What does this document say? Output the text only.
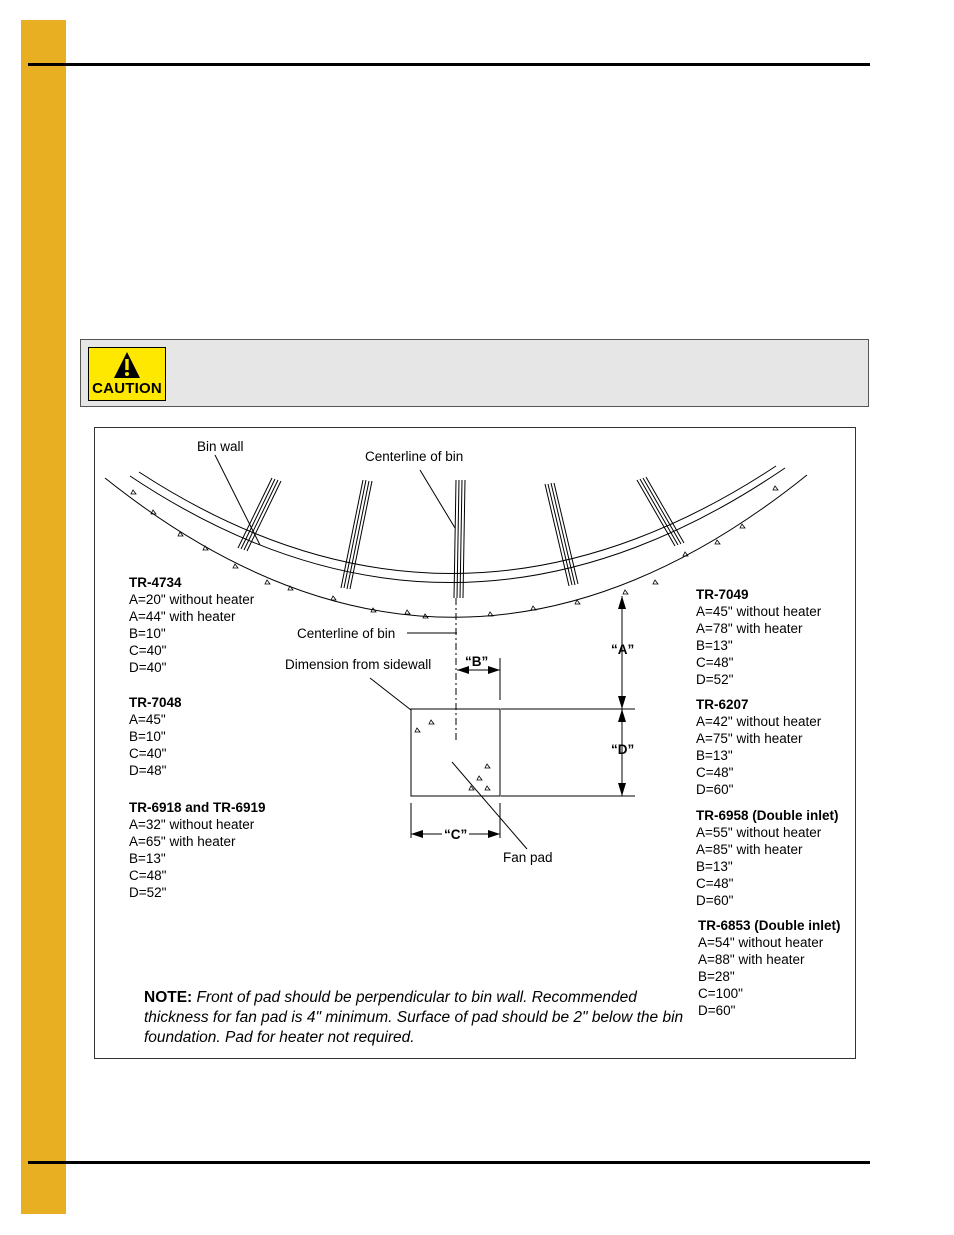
CAUTION
Bin wall
Centerline of bin
Centerline of bin
Dimension from sidewall
Fan pad
“A”
“B”
“C”
“D”
TR-4734
A=20" without heater
A=44" with heater
B=10"
C=40"
D=40"
TR-7048
A=45"
B=10"
C=40"
D=48"
TR-6918 and TR-6919
A=32" without heater
A=65" with heater
B=13"
C=48"
D=52"
TR-7049
A=45" without heater
A=78" with heater
B=13"
C=48"
D=52"
TR-6207
A=42" without heater
A=75" with heater
B=13"
C=48"
D=60"
TR-6958 (Double inlet)
A=55" without heater
A=85" with heater
B=13"
C=48"
D=60"
TR-6853 (Double inlet)
A=54" without heater
A=88" with heater
B=28"
C=100"
D=60"
NOTE: Front of pad should be perpendicular to bin wall. Recommended thickness for fan pad is 4" minimum. Surface of pad should be 2" below the bin foundation. Pad for heater not required.
